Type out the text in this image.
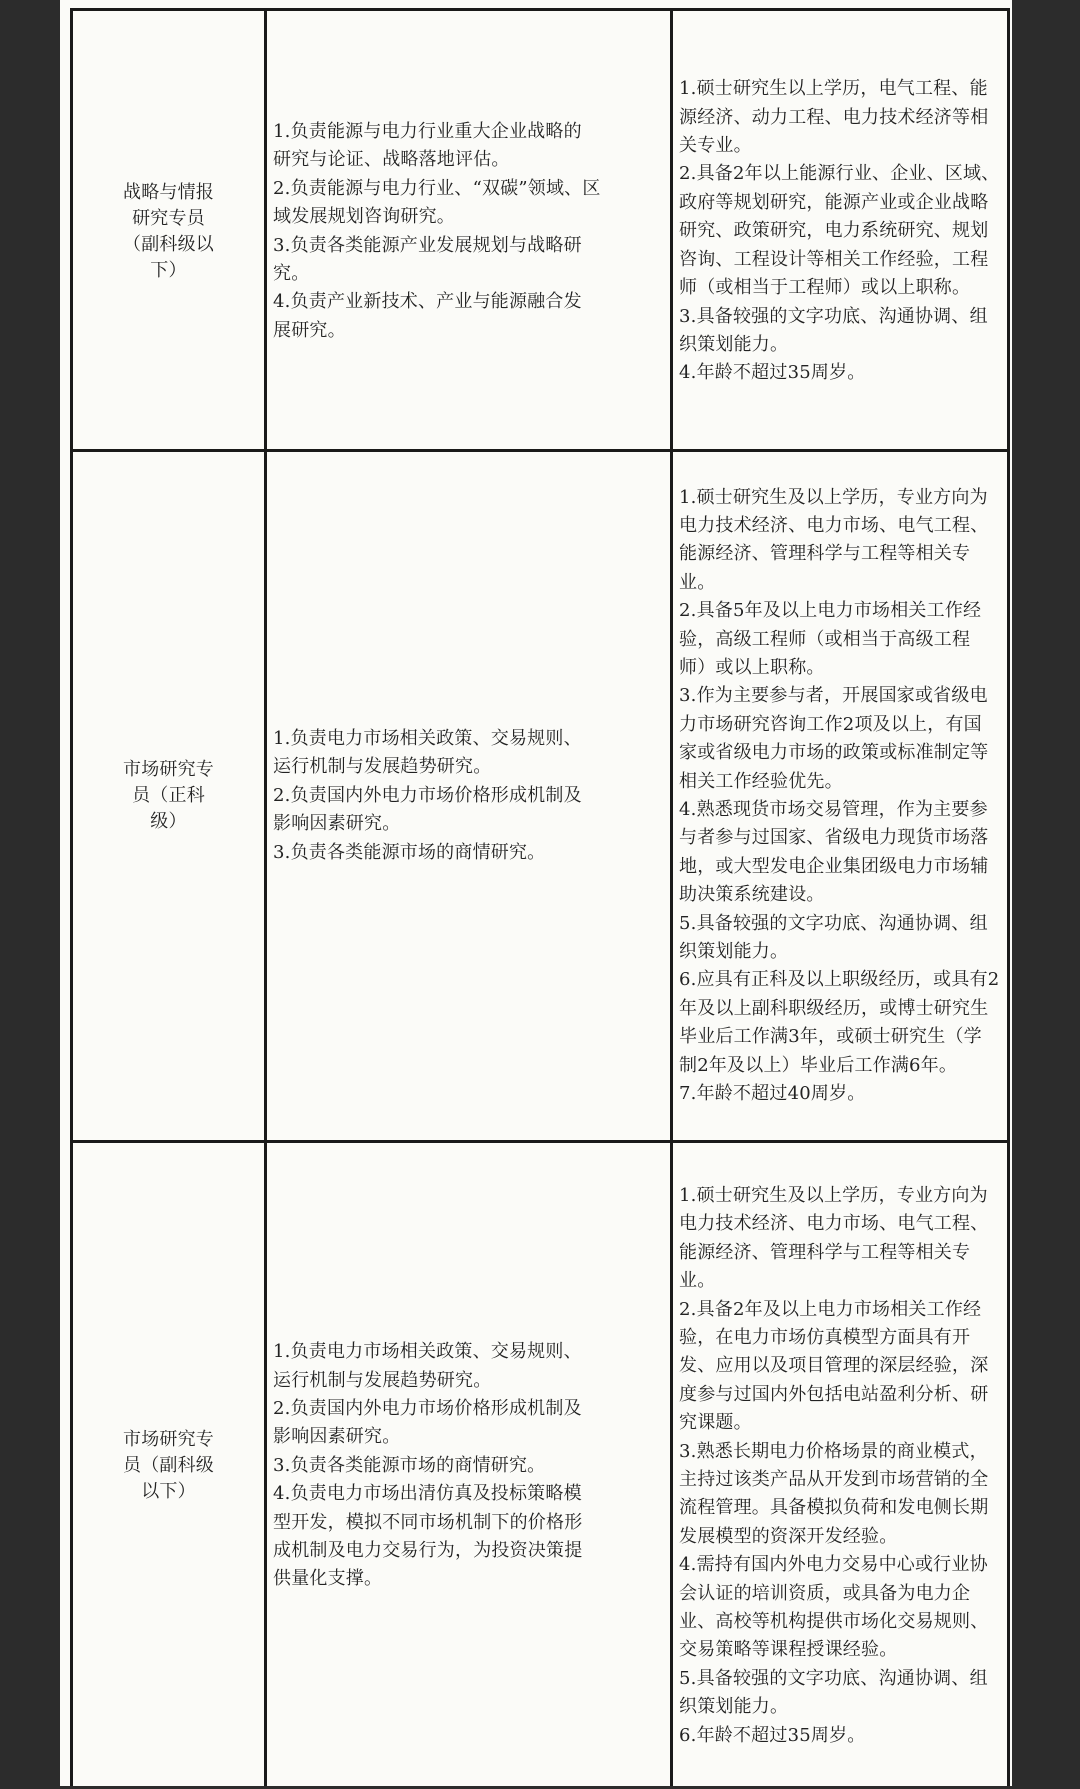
战略与情报
研究专员
（副科级以
下）
1.负责能源与电力行业重大企业战略的
研究与论证、战略落地评估。
2.负责能源与电力行业、“双碳”领域、区
域发展规划咨询研究。
3.负责各类能源产业发展规划与战略研
究。
4.负责产业新技术、产业与能源融合发
展研究。
1.硕士研究生以上学历，电气工程、能
源经济、动力工程、电力技术经济等相
关专业。
2.具备2年以上能源行业、企业、区域、
政府等规划研究，能源产业或企业战略
研究、政策研究，电力系统研究、规划
咨询、工程设计等相关工作经验，工程
师（或相当于工程师）或以上职称。
3.具备较强的文字功底、沟通协调、组
织策划能力。
4.年龄不超过35周岁。
市场研究专
员（正科
级）
1.负责电力市场相关政策、交易规则、
运行机制与发展趋势研究。
2.负责国内外电力市场价格形成机制及
影响因素研究。
3.负责各类能源市场的商情研究。
1.硕士研究生及以上学历，专业方向为
电力技术经济、电力市场、电气工程、
能源经济、管理科学与工程等相关专
业。
2.具备5年及以上电力市场相关工作经
验，高级工程师（或相当于高级工程
师）或以上职称。
3.作为主要参与者，开展国家或省级电
力市场研究咨询工作2项及以上，有国
家或省级电力市场的政策或标准制定等
相关工作经验优先。
4.熟悉现货市场交易管理，作为主要参
与者参与过国家、省级电力现货市场落
地，或大型发电企业集团级电力市场辅
助决策系统建设。
5.具备较强的文字功底、沟通协调、组
织策划能力。
6.应具有正科及以上职级经历，或具有2
年及以上副科职级经历，或博士研究生
毕业后工作满3年，或硕士研究生（学
制2年及以上）毕业后工作满6年。
7.年龄不超过40周岁。
市场研究专
员（副科级
以下）
1.负责电力市场相关政策、交易规则、
运行机制与发展趋势研究。
2.负责国内外电力市场价格形成机制及
影响因素研究。
3.负责各类能源市场的商情研究。
4.负责电力市场出清仿真及投标策略模
型开发，模拟不同市场机制下的价格形
成机制及电力交易行为，为投资决策提
供量化支撑。
1.硕士研究生及以上学历，专业方向为
电力技术经济、电力市场、电气工程、
能源经济、管理科学与工程等相关专
业。
2.具备2年及以上电力市场相关工作经
验，在电力市场仿真模型方面具有开
发、应用以及项目管理的深层经验，深
度参与过国内外包括电站盈利分析、研
究课题。
3.熟悉长期电力价格场景的商业模式，
主持过该类产品从开发到市场营销的全
流程管理。具备模拟负荷和发电侧长期
发展模型的资深开发经验。
4.需持有国内外电力交易中心或行业协
会认证的培训资质，或具备为电力企
业、高校等机构提供市场化交易规则、
交易策略等课程授课经验。
5.具备较强的文字功底、沟通协调、组
织策划能力。
6.年龄不超过35周岁。
